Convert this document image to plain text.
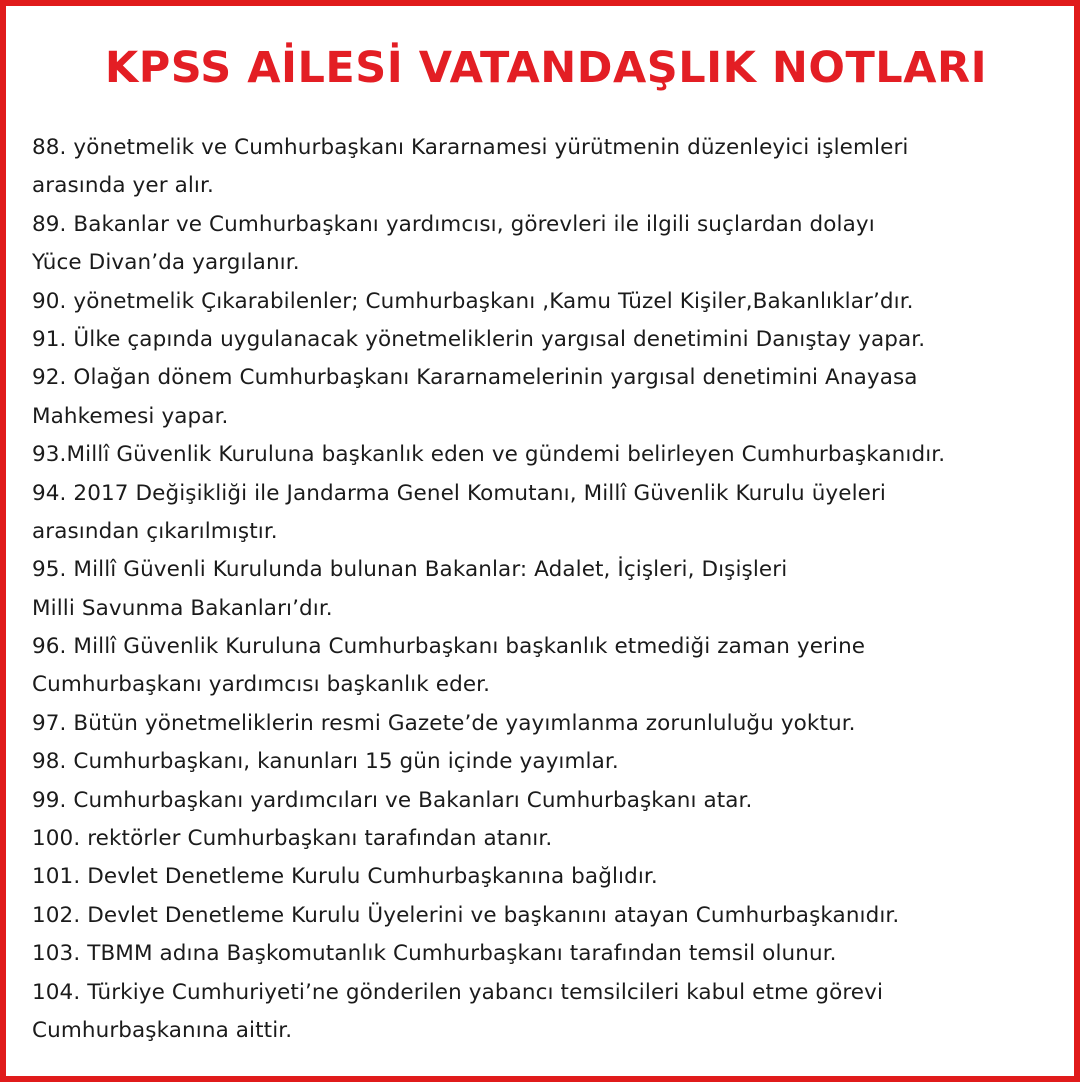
KPSS AİLESİ VATANDAŞLIK NOTLARI
88. yönetmelik ve Cumhurbaşkanı Kararnamesi yürütmenin düzenleyici işlemleri
arasında yer alır.
89. Bakanlar ve Cumhurbaşkanı yardımcısı, görevleri ile ilgili suçlardan dolayı
Yüce Divan’da yargılanır.
90. yönetmelik Çıkarabilenler; Cumhurbaşkanı ,Kamu Tüzel Kişiler,Bakanlıklar’dır.
91. Ülke çapında uygulanacak yönetmeliklerin yargısal denetimini Danıştay yapar.
92. Olağan dönem Cumhurbaşkanı Kararnamelerinin yargısal denetimini Anayasa
Mahkemesi yapar.
93.Millî Güvenlik Kuruluna başkanlık eden ve gündemi belirleyen Cumhurbaşkanıdır.
94. 2017 Değişikliği ile Jandarma Genel Komutanı, Millî Güvenlik Kurulu üyeleri
arasından çıkarılmıştır.
95. Millî Güvenli Kurulunda bulunan Bakanlar: Adalet, İçişleri, Dışişleri
Milli Savunma Bakanları’dır.
96. Millî Güvenlik Kuruluna Cumhurbaşkanı başkanlık etmediği zaman yerine
Cumhurbaşkanı yardımcısı başkanlık eder.
97. Bütün yönetmeliklerin resmi Gazete’de yayımlanma zorunluluğu yoktur.
98. Cumhurbaşkanı, kanunları 15 gün içinde yayımlar.
99. Cumhurbaşkanı yardımcıları ve Bakanları Cumhurbaşkanı atar.
100. rektörler Cumhurbaşkanı tarafından atanır.
101. Devlet Denetleme Kurulu Cumhurbaşkanına bağlıdır.
102. Devlet Denetleme Kurulu Üyelerini ve başkanını atayan Cumhurbaşkanıdır.
103. TBMM adına Başkomutanlık Cumhurbaşkanı tarafından temsil olunur.
104. Türkiye Cumhuriyeti’ne gönderilen yabancı temsilcileri kabul etme görevi
Cumhurbaşkanına aittir.
